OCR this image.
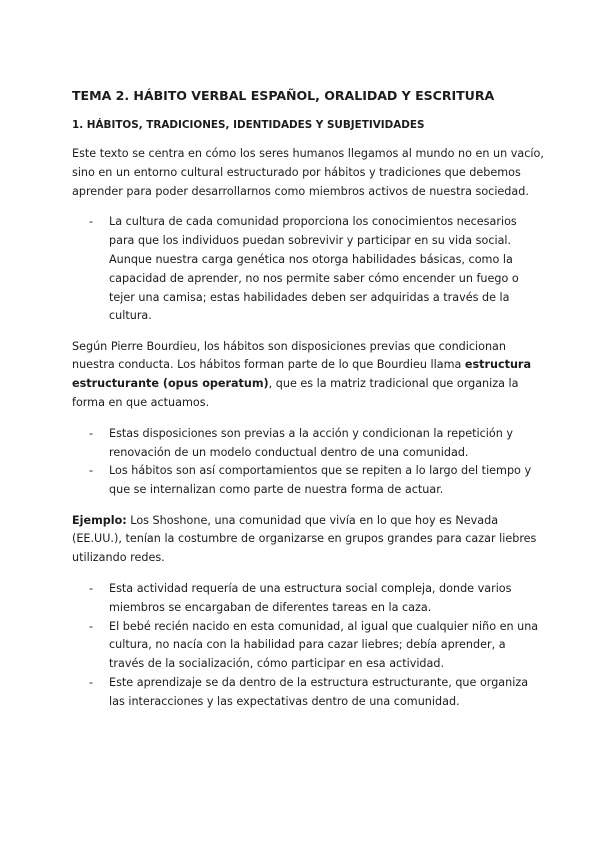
TEMA 2. HÁBITO VERBAL ESPAÑOL, ORALIDAD Y ESCRITURA
1. HÁBITOS, TRADICIONES, IDENTIDADES Y SUBJETIVIDADES

Este texto se centra en cómo los seres humanos llegamos al mundo no en un vacío, sino en un entorno cultural estructurado por hábitos y tradiciones que debemos aprender para poder desarrollarnos como miembros activos de nuestra sociedad.

- La cultura de cada comunidad proporciona los conocimientos necesarios para que los individuos puedan sobrevivir y participar en su vida social. Aunque nuestra carga genética nos otorga habilidades básicas, como la capacidad de aprender, no nos permite saber cómo encender un fuego o tejer una camisa; estas habilidades deben ser adquiridas a través de la cultura.

Según Pierre Bourdieu, los hábitos son disposiciones previas que condicionan nuestra conducta. Los hábitos forman parte de lo que Bourdieu llama estructura estructurante (opus operatum), que es la matriz tradicional que organiza la forma en que actuamos.

- Estas disposiciones son previas a la acción y condicionan la repetición y renovación de un modelo conductual dentro de una comunidad.
- Los hábitos son así comportamientos que se repiten a lo largo del tiempo y que se internalizan como parte de nuestra forma de actuar.

Ejemplo: Los Shoshone, una comunidad que vivía en lo que hoy es Nevada (EE.UU.), tenían la costumbre de organizarse en grupos grandes para cazar liebres utilizando redes.

- Esta actividad requería de una estructura social compleja, donde varios miembros se encargaban de diferentes tareas en la caza.
- El bebé recién nacido en esta comunidad, al igual que cualquier niño en una cultura, no nacía con la habilidad para cazar liebres; debía aprender, a través de la socialización, cómo participar en esa actividad.
- Este aprendizaje se da dentro de la estructura estructurante, que organiza las interacciones y las expectativas dentro de una comunidad.
